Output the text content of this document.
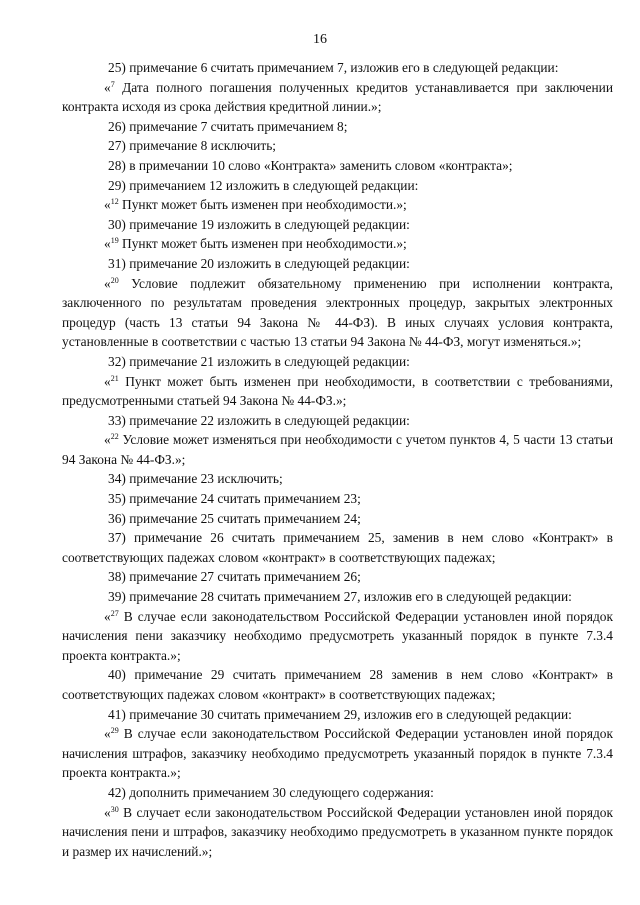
16

25) примечание 6 считать примечанием 7, изложив его в следующей редакции:

«$^7$ Дата полного погашения полученных кредитов устанавливается при заключении контракта исходя из срока действия кредитной линии.»;

26) примечание 7 считать примечанием 8;

27) примечание 8 исключить;

28) в примечании 10 слово «Контракта» заменить словом «контракта»;

29) примечанием 12 изложить в следующей редакции:

«$^{12}$ Пункт может быть изменен при необходимости.»;

30) примечание 19 изложить в следующей редакции:

«$^{19}$ Пункт может быть изменен при необходимости.»;

31) примечание 20 изложить в следующей редакции:

«$^{20}$ Условие подлежит обязательному применению при исполнении контракта, заключенного по результатам проведения электронных процедур, закрытых электронных процедур (часть 13 статьи 94 Закона № 44-ФЗ). В иных случаях условия контракта, установленные в соответствии с частью 13 статьи 94 Закона № 44-ФЗ, могут изменяться.»;

32) примечание 21 изложить в следующей редакции:

«$^{21}$ Пункт может быть изменен при необходимости, в соответствии с требованиями, предусмотренными статьей 94 Закона № 44-ФЗ.»;

33) примечание 22 изложить в следующей редакции:

«$^{22}$ Условие может изменяться при необходимости с учетом пунктов 4, 5 части 13 статьи 94 Закона № 44-ФЗ.»;

34) примечание 23 исключить;

35) примечание 24 считать примечанием 23;

36) примечание 25 считать примечанием 24;

37) примечание 26 считать примечанием 25, заменив в нем слово «Контракт» в соответствующих падежах словом «контракт» в соответствующих падежах;

38) примечание 27 считать примечанием 26;

39) примечание 28 считать примечанием 27, изложив его в следующей редакции:

«$^{27}$ В случае если законодательством Российской Федерации установлен иной порядок начисления пени заказчику необходимо предусмотреть указанный порядок в пункте 7.3.4 проекта контракта.»;

40) примечание 29 считать примечанием 28 заменив в нем слово «Контракт» в соответствующих падежах словом «контракт» в соответствующих падежах;

41) примечание 30 считать примечанием 29, изложив его в следующей редакции:

«$^{29}$ В случае если законодательством Российской Федерации установлен иной порядок начисления штрафов, заказчику необходимо предусмотреть указанный порядок в пункте 7.3.4 проекта контракта.»;

42) дополнить примечанием 30 следующего содержания:

«$^{30}$ В случает если законодательством Российской Федерации установлен иной порядок начисления пени и штрафов, заказчику необходимо предусмотреть в указанном пункте порядок и размер их начислений.»;
